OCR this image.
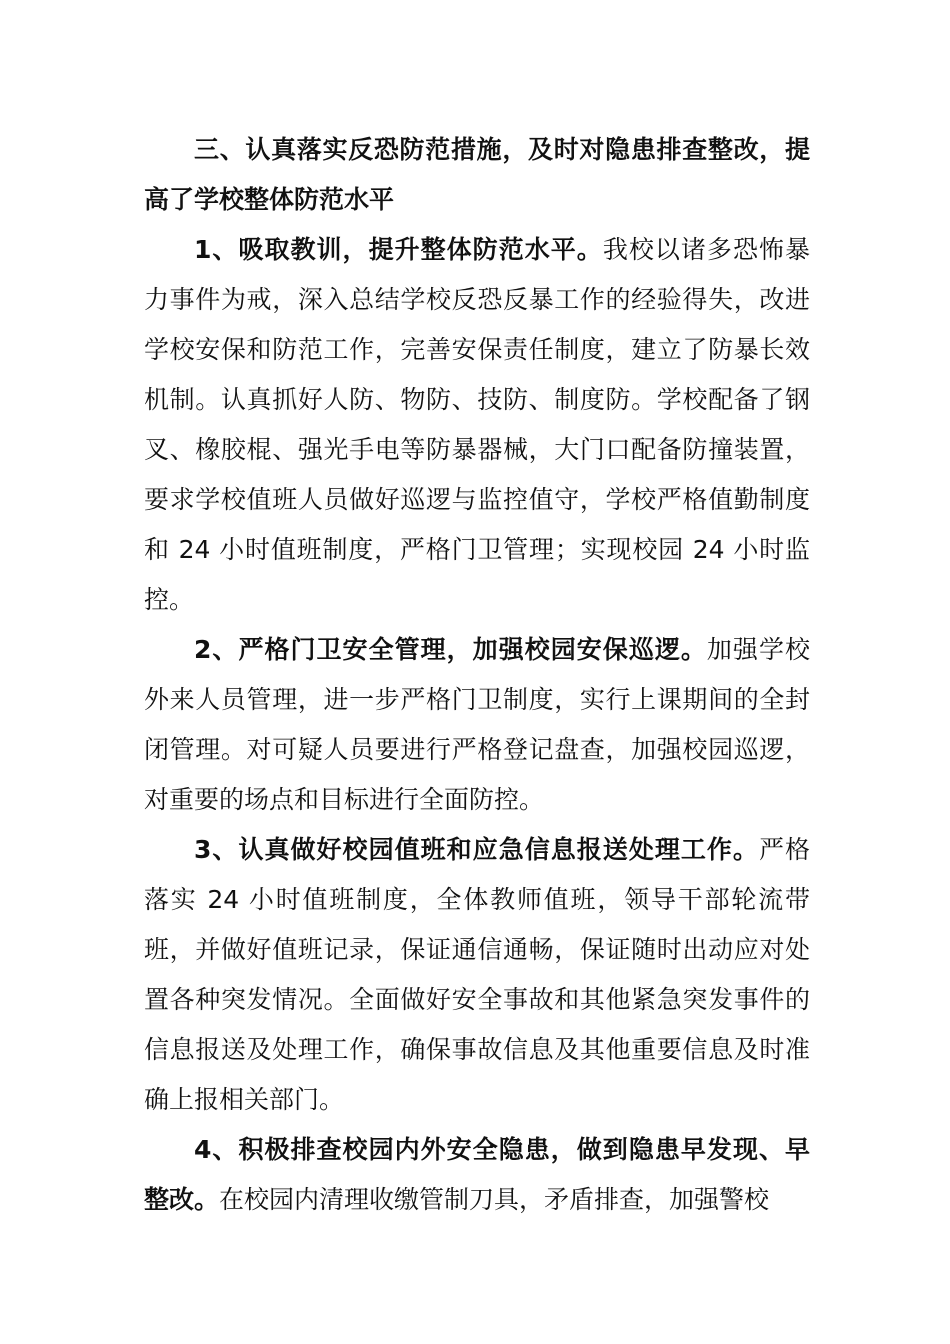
三、认真落实反恐防范措施，及时对隐患排查整改，提高了学校整体防范水平

1、吸取教训，提升整体防范水平。我校以诸多恐怖暴力事件为戒，深入总结学校反恐反暴工作的经验得失，改进学校安保和防范工作，完善安保责任制度，建立了防暴长效机制。认真抓好人防、物防、技防、制度防。学校配备了钢叉、橡胶棍、强光手电等防暴器械，大门口配备防撞装置，要求学校值班人员做好巡逻与监控值守，学校严格值勤制度和 24 小时值班制度，严格门卫管理；实现校园 24 小时监控。

2、严格门卫安全管理，加强校园安保巡逻。加强学校外来人员管理，进一步严格门卫制度，实行上课期间的全封闭管理。对可疑人员要进行严格登记盘查，加强校园巡逻，对重要的场点和目标进行全面防控。

3、认真做好校园值班和应急信息报送处理工作。严格落实 24 小时值班制度，全体教师值班，领导干部轮流带班，并做好值班记录，保证通信通畅，保证随时出动应对处置各种突发情况。全面做好安全事故和其他紧急突发事件的信息报送及处理工作，确保事故信息及其他重要信息及时准确上报相关部门。

4、积极排查校园内外安全隐患，做到隐患早发现、早整改。在校园内清理收缴管制刀具，矛盾排查，加强警校
